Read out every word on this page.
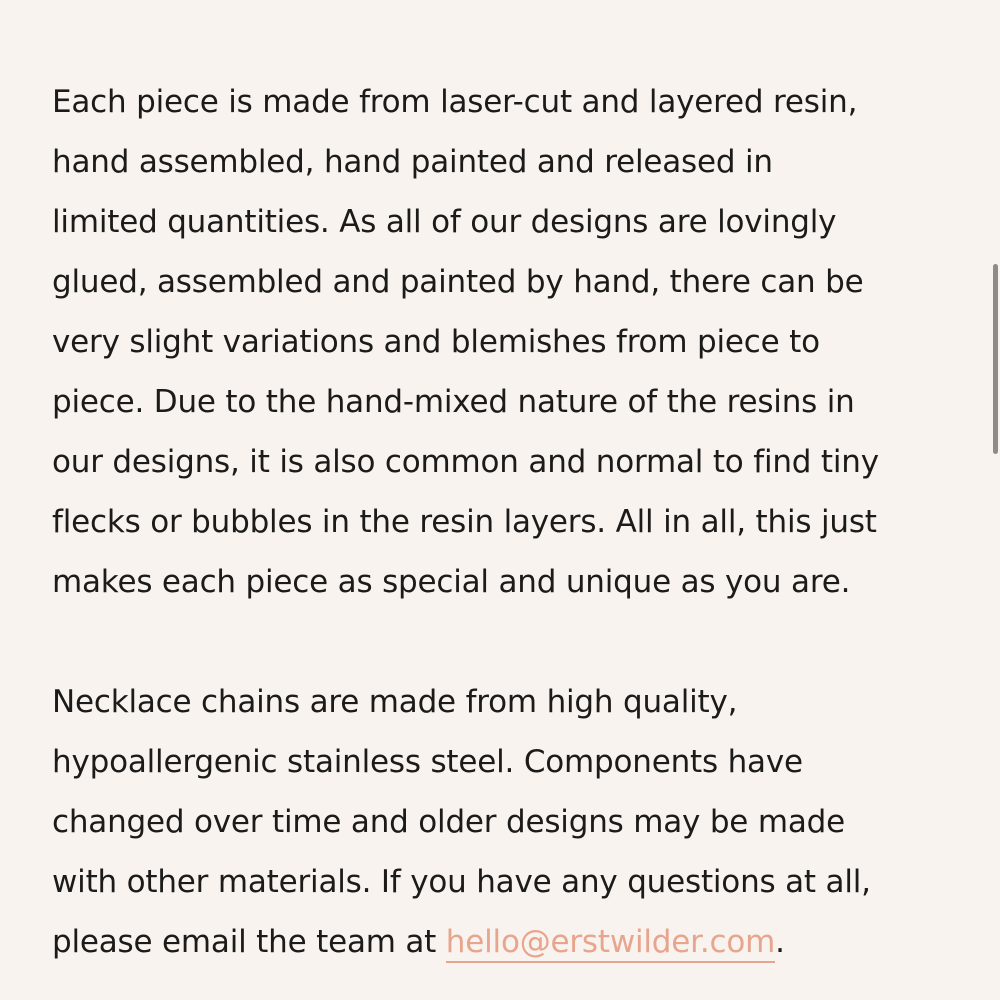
Each piece is made from laser-cut and layered resin,
hand assembled, hand painted and released in
limited quantities. As all of our designs are lovingly
glued, assembled and painted by hand, there can be
very slight variations and blemishes from piece to
piece. Due to the hand-mixed nature of the resins in
our designs, it is also common and normal to find tiny
flecks or bubbles in the resin layers. All in all, this just
makes each piece as special and unique as you are.
Necklace chains are made from high quality,
hypoallergenic stainless steel. Components have
changed over time and older designs may be made
with other materials. If you have any questions at all,
please email the team at hello@erstwilder.com.
